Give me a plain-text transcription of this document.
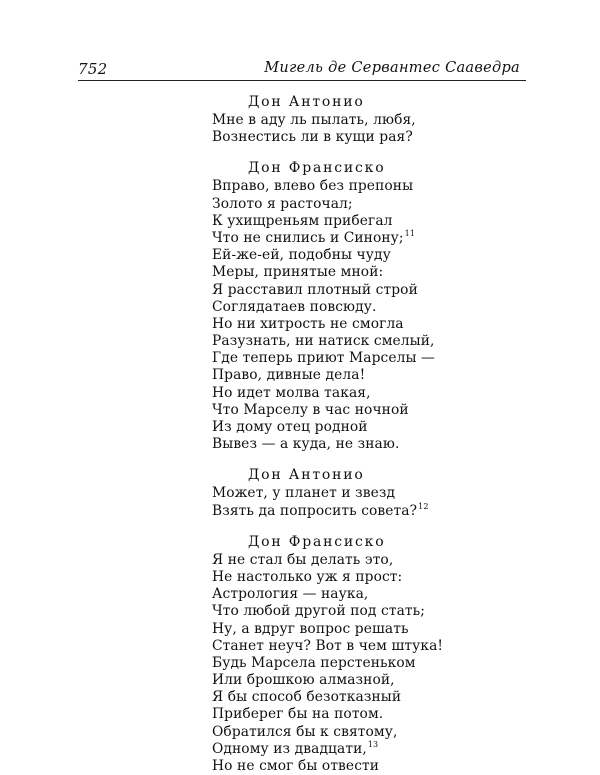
752	Мигель де Сервантес Сааведра
Дон Антонио
Мне в аду ль пылать, любя,
Вознестись ли в кущи рая?
Дон Франсиско
Вправо, влево без препоны
Золото я расточал;
К ухищреньям прибегал
Что не снились и Синону;$^{11}$
Ей-же-ей, подобны чуду
Меры, принятые мной:
Я расставил плотный строй
Соглядатаев повсюду.
Но ни хитрость не смогла
Разузнать, ни натиск смелый,
Где теперь приют Марселы —
Право, дивные дела!
Но идет молва такая,
Что Марселу в час ночной
Из дому отец родной
Вывез — а куда, не знаю.
Дон Антонио
Может, у планет и звезд
Взять да попросить совета?$^{12}$
Дон Франсиско
Я не стал бы делать это,
Не настолько уж я прост:
Астрология — наука,
Что любой другой под стать;
Ну, а вдруг вопрос решать
Станет неуч? Вот в чем штука!
Будь Марсела перстеньком
Или брошкою алмазной,
Я бы способ безотказный
Приберег бы на потом.
Обратился бы к святому,
Одному из двадцати,$^{13}$
Но не смог бы отвести
